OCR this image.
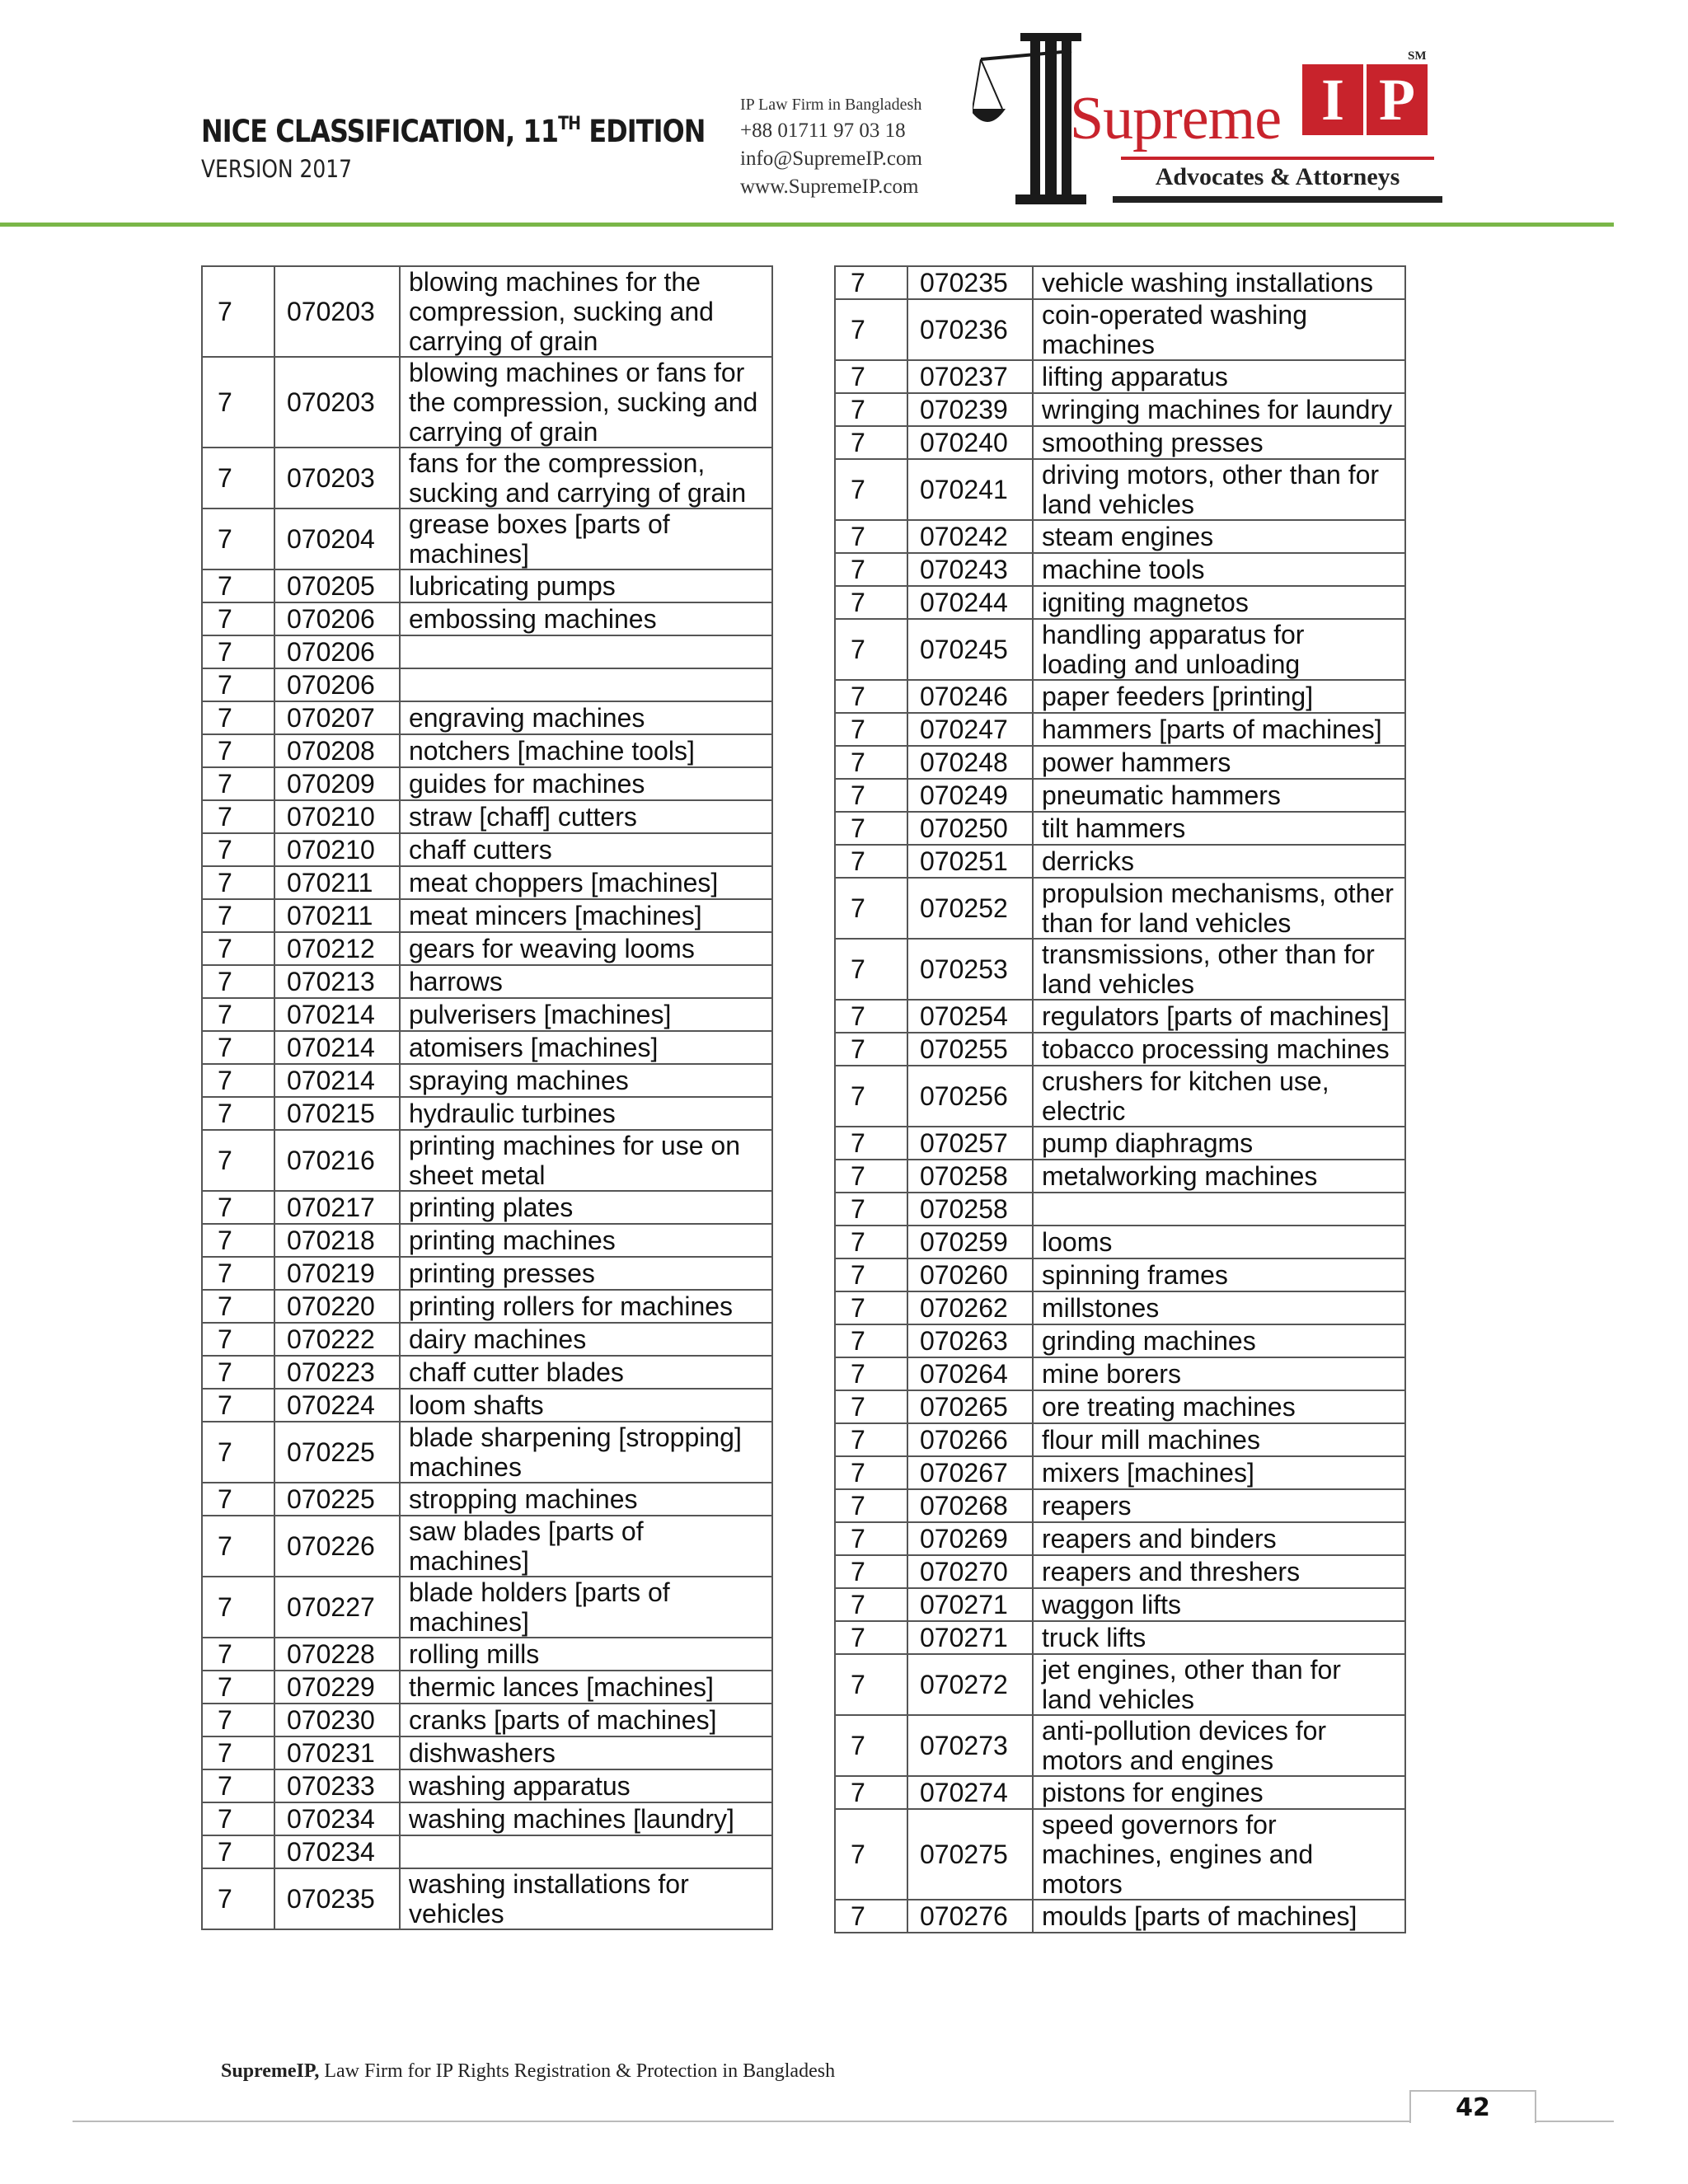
NICE CLASSIFICATION, 11TH EDITION
VERSION 2017
IP Law Firm in Bangladesh
+88 01711 97 03 18
info@SupremeIP.com
www.SupremeIP.com
Supreme I P
SM
Advocates & Attorneys
7	070203	blowing machines for the compression, sucking and carrying of grain
7	070203	blowing machines or fans for the compression, sucking and carrying of grain
7	070203	fans for the compression, sucking and carrying of grain
7	070204	grease boxes [parts of machines]
7	070205	lubricating pumps
7	070206	embossing machines
7	070206	
7	070206	
7	070207	engraving machines
7	070208	notchers [machine tools]
7	070209	guides for machines
7	070210	straw [chaff] cutters
7	070210	chaff cutters
7	070211	meat choppers [machines]
7	070211	meat mincers [machines]
7	070212	gears for weaving looms
7	070213	harrows
7	070214	pulverisers [machines]
7	070214	atomisers [machines]
7	070214	spraying machines
7	070215	hydraulic turbines
7	070216	printing machines for use on sheet metal
7	070217	printing plates
7	070218	printing machines
7	070219	printing presses
7	070220	printing rollers for machines
7	070222	dairy machines
7	070223	chaff cutter blades
7	070224	loom shafts
7	070225	blade sharpening [stropping] machines
7	070225	stropping machines
7	070226	saw blades [parts of machines]
7	070227	blade holders [parts of machines]
7	070228	rolling mills
7	070229	thermic lances [machines]
7	070230	cranks [parts of machines]
7	070231	dishwashers
7	070233	washing apparatus
7	070234	washing machines [laundry]
7	070234	
7	070235	washing installations for vehicles
7	070235	vehicle washing installations
7	070236	coin-operated washing machines
7	070237	lifting apparatus
7	070239	wringing machines for laundry
7	070240	smoothing presses
7	070241	driving motors, other than for land vehicles
7	070242	steam engines
7	070243	machine tools
7	070244	igniting magnetos
7	070245	handling apparatus for loading and unloading
7	070246	paper feeders [printing]
7	070247	hammers [parts of machines]
7	070248	power hammers
7	070249	pneumatic hammers
7	070250	tilt hammers
7	070251	derricks
7	070252	propulsion mechanisms, other than for land vehicles
7	070253	transmissions, other than for land vehicles
7	070254	regulators [parts of machines]
7	070255	tobacco processing machines
7	070256	crushers for kitchen use, electric
7	070257	pump diaphragms
7	070258	metalworking machines
7	070258	
7	070259	looms
7	070260	spinning frames
7	070262	millstones
7	070263	grinding machines
7	070264	mine borers
7	070265	ore treating machines
7	070266	flour mill machines
7	070267	mixers [machines]
7	070268	reapers
7	070269	reapers and binders
7	070270	reapers and threshers
7	070271	waggon lifts
7	070271	truck lifts
7	070272	jet engines, other than for land vehicles
7	070273	anti-pollution devices for motors and engines
7	070274	pistons for engines
7	070275	speed governors for machines, engines and motors
7	070276	moulds [parts of machines]
SupremeIP, Law Firm for IP Rights Registration & Protection in Bangladesh
42
